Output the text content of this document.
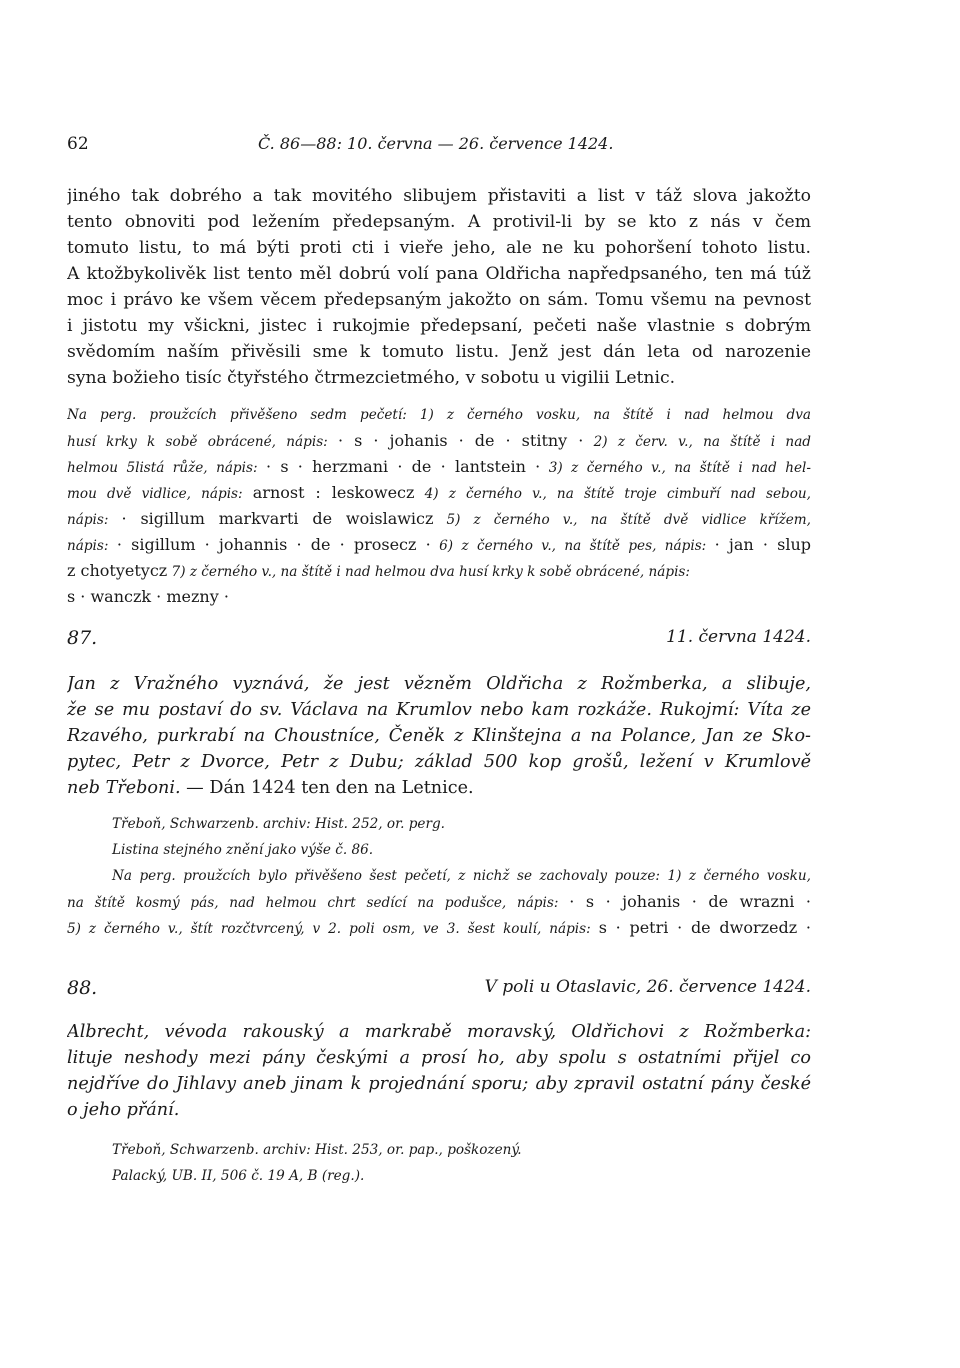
62	Č. 86—88: 10. června — 26. července 1424.
jiného tak dobrého a tak movitého slibujem přistaviti a list v táž slova jakožto
tento obnoviti pod ležením předepsaným. A protivil-li by se kto z nás v čem
tomuto listu, to má býti proti cti i vieře jeho, ale ne ku pohoršení tohoto listu.
A ktožbykolivěk list tento měl dobrú volí pana Oldřicha napředpsaného, ten má túž
moc i právo ke všem věcem předepsaným jakožto on sám. Tomu všemu na pevnost
i jistotu my všickni, jistec i rukojmie předepsaní, pečeti naše vlastnie s dobrým
svědomím naším přivěsili sme k tomuto listu. Jenž jest dán leta od narozenie
syna božieho tisíc čtyřstého čtrmezcietmého, v sobotu u vigilii Letnic.
Na perg. proužcích přivěšeno sedm pečetí: 1) z černého vosku, na štítě i nad helmou dva
husí krky k sobě obrácené, nápis: · s · johanis · de · stitny · 2) z červ. v., na štítě i nad
helmou 5listá růže, nápis: · s · herzmani · de · lantstein · 3) z černého v., na štítě i nad hel-
mou dvě vidlice, nápis: arnost : leskowecz 4) z černého v., na štítě troje cimbuří nad sebou,
nápis: · sigillum markvarti de woislawicz 5) z černého v., na štítě dvě vidlice křížem,
nápis: · sigillum · johannis · de · prosecz · 6) z černého v., na štítě pes, nápis: · jan · slup
z chotyetycz 7) z černého v., na štítě i nad helmou dva husí krky k sobě obrácené, nápis:
s · wanczk · mezny ·
87.	11. června 1424.
Jan z Vražného vyznává, že jest vězněm Oldřicha z Rožmberka, a slibuje,
že se mu postaví do sv. Václava na Krumlov nebo kam rozkáže. Rukojmí: Víta ze
Rzavého, purkrabí na Choustníce, Čeněk z Klinštejna a na Polance, Jan ze Sko-
pytec, Petr z Dvorce, Petr z Dubu; základ 500 kop grošů, ležení v Krumlově
neb Třeboni. — Dán 1424 ten den na Letnice.
Třeboň, Schwarzenb. archiv: Hist. 252, or. perg.
Listina stejného znění jako výše č. 86.
Na perg. proužcích bylo přivěšeno šest pečetí, z nichž se zachovaly pouze: 1) z černého vosku,
na štítě kosmý pás, nad helmou chrt sedící na podušce, nápis: · s · johanis · de wrazni ·
5) z černého v., štít rozčtvrcený, v 2. poli osm, ve 3. šest koulí, nápis: s · petri · de dworzedz ·
88.	V poli u Otaslavic, 26. července 1424.
Albrecht, vévoda rakouský a markrabě moravský, Oldřichovi z Rožmberka:
lituje neshody mezi pány českými a prosí ho, aby spolu s ostatními přijel co
nejdříve do Jihlavy aneb jinam k projednání sporu; aby zpravil ostatní pány české
o jeho přání.
Třeboň, Schwarzenb. archiv: Hist. 253, or. pap., poškozený.
Palacký, UB. II, 506 č. 19 A, B (reg.).
